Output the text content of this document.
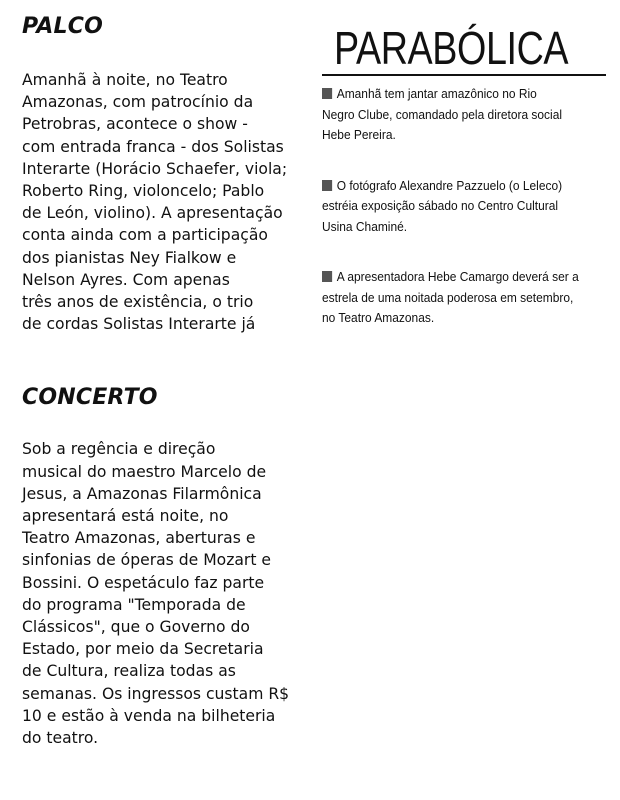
PALCO

Amanhã à noite, no Teatro
Amazonas, com patrocínio da
Petrobras, acontece o show -
com entrada franca - dos Solistas
Interarte (Horácio Schaefer, viola;
Roberto Ring, violoncelo; Pablo
de León, violino). A apresentação
conta ainda com a participação
dos pianistas Ney Fialkow e
Nelson Ayres. Com apenas
três anos de existência, o trio
de cordas Solistas Interarte já

CONCERTO

Sob a regência e direção
musical do maestro Marcelo de
Jesus, a Amazonas Filarmônica
apresentará está noite, no
Teatro Amazonas, aberturas e
sinfonias de óperas de Mozart e
Bossini. O espetáculo faz parte
do programa "Temporada de
Clássicos", que o Governo do
Estado, por meio da Secretaria
de Cultura, realiza todas as
semanas. Os ingressos custam R$
10 e estão à venda na bilheteria
do teatro.

PARABÓLICA

Amanhã tem jantar amazônico no Rio
Negro Clube, comandado pela diretora social
Hebe Pereira.

O fotógrafo Alexandre Pazzuelo (o Leleco)
estréia exposição sábado no Centro Cultural
Usina Chaminé.

A apresentadora Hebe Camargo deverá ser a
estrela de uma noitada poderosa em setembro,
no Teatro Amazonas.
